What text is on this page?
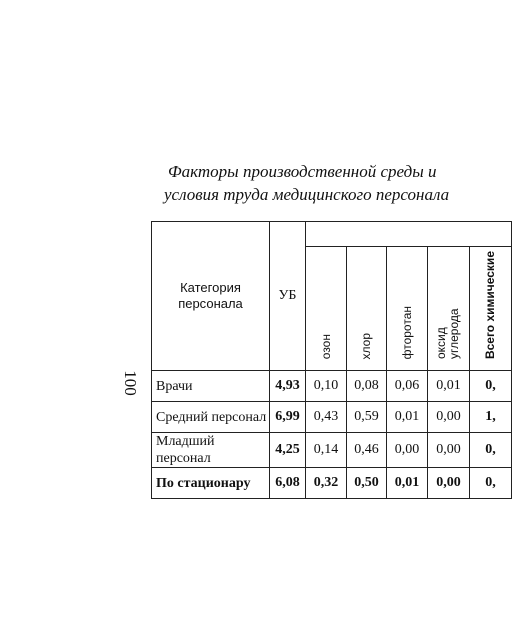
Факторы производственной среды и
условия труда медицинского персонала
100
Категория персонала	УБ					
		озон	хлор	фторотан	оксид углерода	Всего химические
Врачи	4,93	0,10	0,08	0,06	0,01	0,
Средний персонал	6,99	0,43	0,59	0,01	0,00	1,
Младший персонал	4,25	0,14	0,46	0,00	0,00	0,
По стационару	6,08	0,32	0,50	0,01	0,00	0,
